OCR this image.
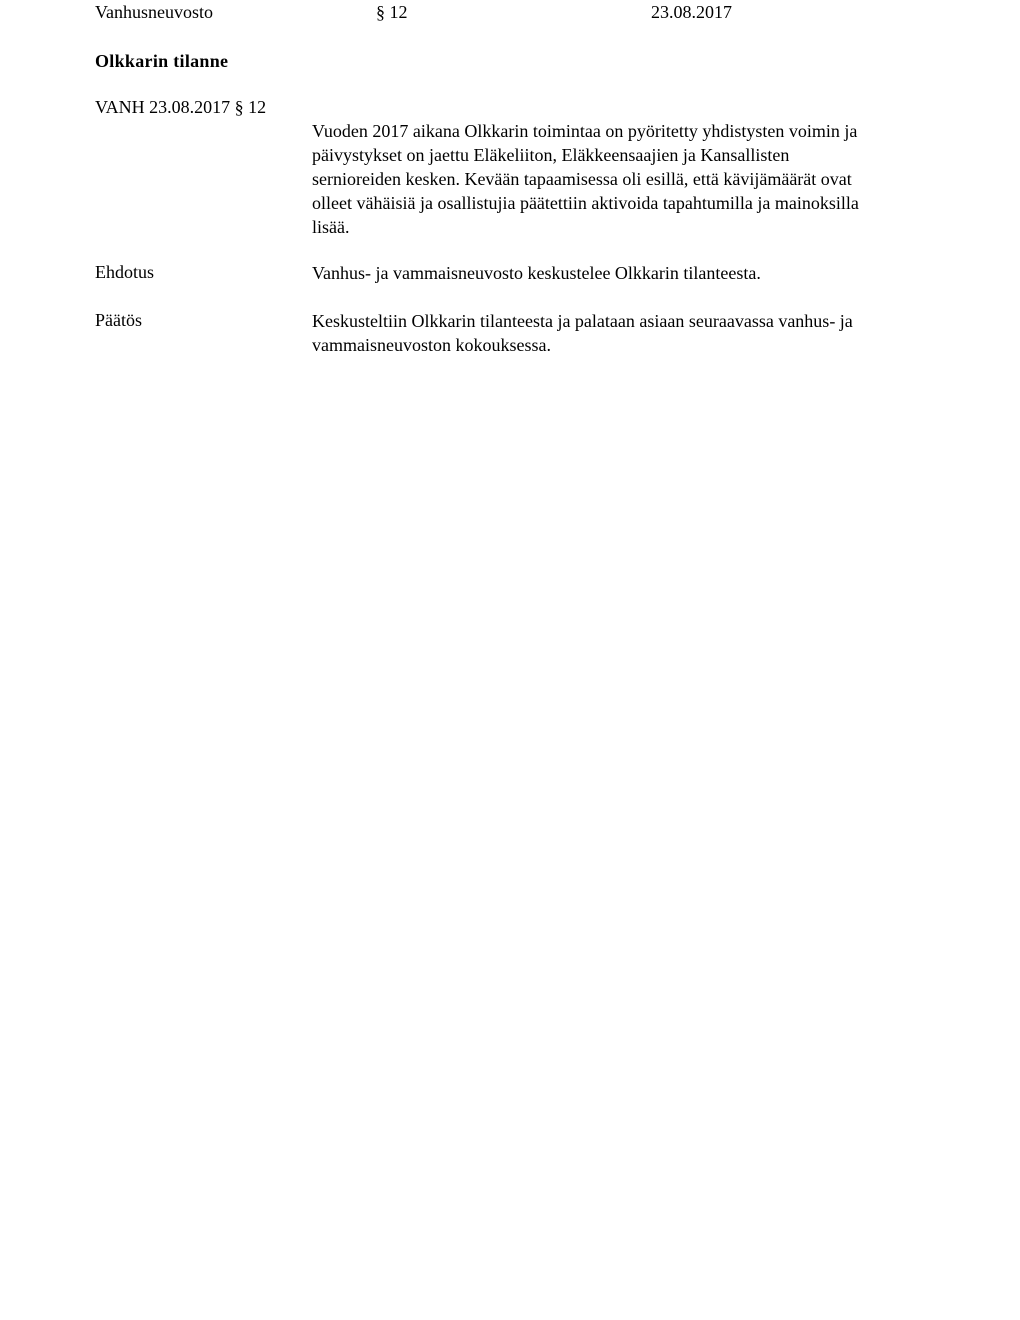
Vanhusneuvosto	§ 12	23.08.2017
Olkkarin tilanne
VANH 23.08.2017 § 12
Vuoden 2017 aikana Olkkarin toimintaa on pyöritetty yhdistysten voimin ja
päivystykset on jaettu Eläkeliiton, Eläkkeensaajien ja Kansallisten
sernioreiden kesken. Kevään tapaamisessa oli esillä, että kävijämäärät ovat
olleet vähäisiä ja osallistujia päätettiin aktivoida tapahtumilla ja mainoksilla
lisää.
Ehdotus	Vanhus- ja vammaisneuvosto keskustelee Olkkarin tilanteesta.
Päätös	Keskusteltiin Olkkarin tilanteesta ja palataan asiaan seuraavassa vanhus- ja
vammaisneuvoston kokouksessa.
